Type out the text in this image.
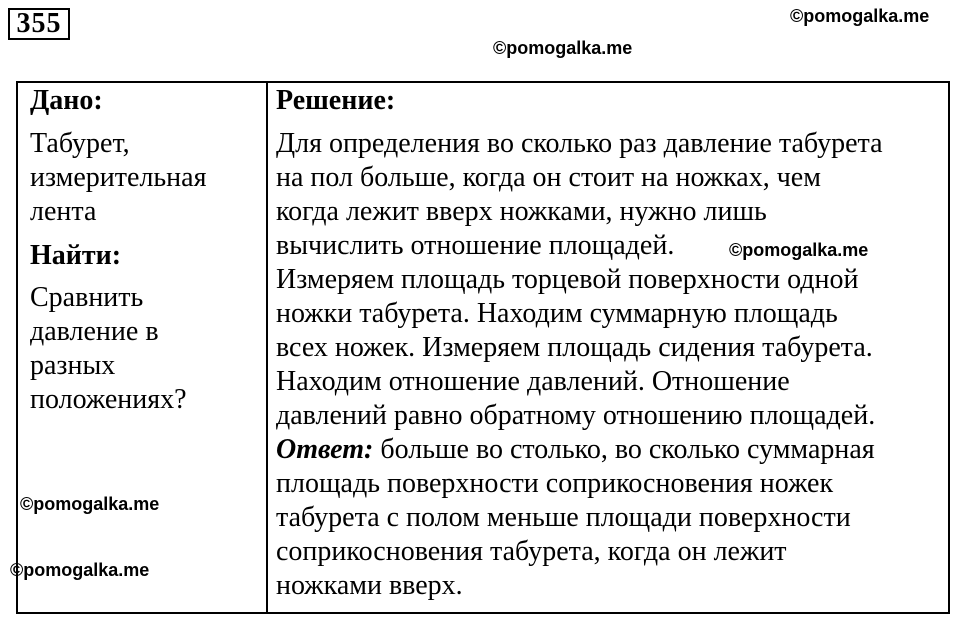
355	©pomogalka.me
©pomogalka.me
©pomogalka.me
©pomogalka.me
©pomogalka.me
Дано:
Табурет,
измерительная
лента
Найти:
Сравнить
давление в
разных
положениях?
Решение:
Для определения во сколько раз давление табурета
на пол больше, когда он стоит на ножках, чем
когда лежит вверх ножками, нужно лишь
вычислить отношение площадей.
Измеряем площадь торцевой поверхности одной
ножки табурета. Находим суммарную площадь
всех ножек. Измеряем площадь сидения табурета.
Находим отношение давлений. Отношение
давлений равно обратному отношению площадей.
Ответ: больше во столько, во сколько суммарная
площадь поверхности соприкосновения ножек
табурета с полом меньше площади поверхности
соприкосновения табурета, когда он лежит
ножками вверх.
